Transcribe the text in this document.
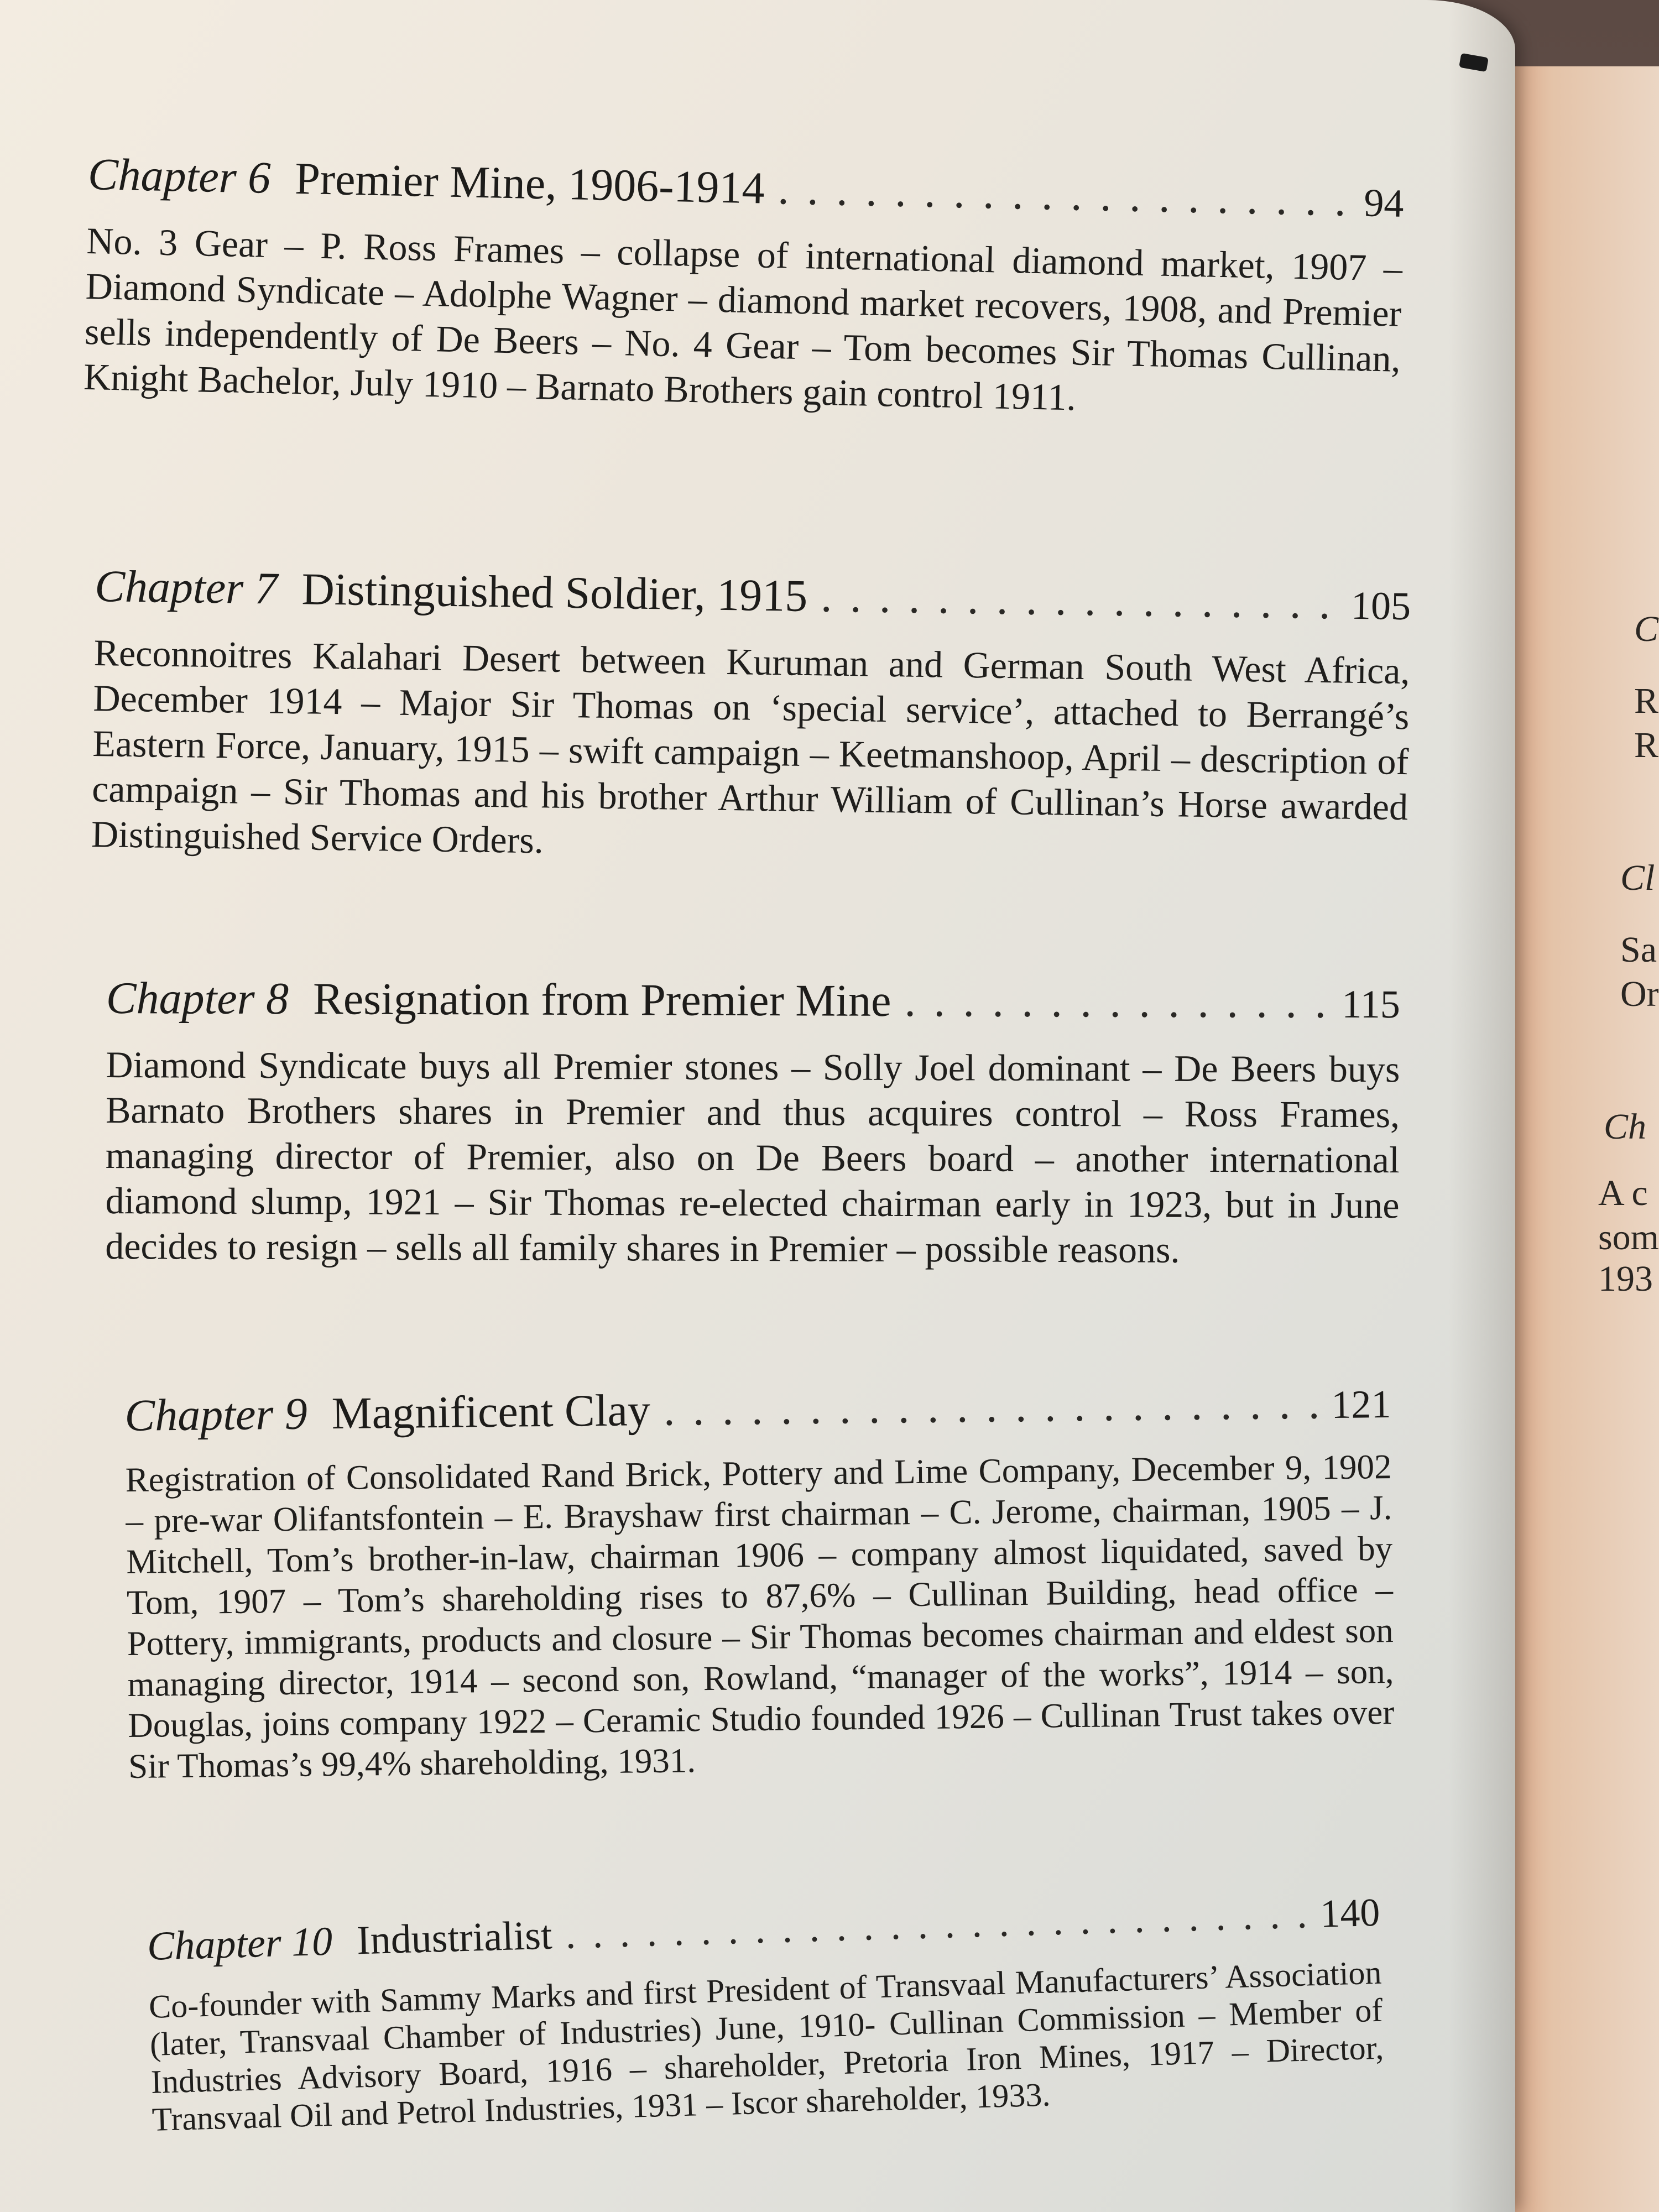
C
R
R
Cl
Sa
Or
Ch
A c
som
193
Chapter 6 Premier Mine, 1906-1914 . . .	94

No. 3 Gear – P. Ross Frames – collapse of international diamond market, 1907 – Diamond Syndicate – Adolphe Wagner – diamond market recovers, 1908, and Premier sells independently of De Beers – No. 4 Gear – Tom becomes Sir Thomas Cullinan, Knight Bachelor, July 1910 – Barnato Brothers gain control 1911.

Chapter 7 Distinguished Soldier, 1915 . . .	105

Reconnoitres Kalahari Desert between Kuruman and German South West Africa, December 1914 – Major Sir Thomas on ‘special service’, attached to Berrangé’s Eastern Force, January, 1915 – swift campaign – Keetmanshoop, April – description of campaign – Sir Thomas and his brother Arthur William of Cullinan’s Horse awarded Distinguished Service Orders.

Chapter 8 Resignation from Premier Mine . . .	115

Diamond Syndicate buys all Premier stones – Solly Joel dominant – De Beers buys Barnato Brothers shares in Premier and thus acquires control – Ross Frames, managing director of Premier, also on De Beers board – another international diamond slump, 1921 – Sir Thomas re-elected chairman early in 1923, but in June decides to resign – sells all family shares in Premier – possible reasons.

Chapter 9 Magnificent Clay . . .	121

Registration of Consolidated Rand Brick, Pottery and Lime Company, December 9, 1902 – pre-war Olifantsfontein – E. Brayshaw first chairman – C. Jerome, chairman, 1905 – J. Mitchell, Tom’s brother-in-law, chairman 1906 – company almost liquidated, saved by Tom, 1907 – Tom’s shareholding rises to 87,6% – Cullinan Building, head office – Pottery, immigrants, products and closure – Sir Thomas becomes chairman and eldest son managing director, 1914 – second son, Rowland, “manager of the works”, 1914 – son, Douglas, joins company 1922 – Ceramic Studio founded 1926 – Cullinan Trust takes over Sir Thomas’s 99,4% shareholding, 1931.

Chapter 10 Industrialist . . .	140

Co-founder with Sammy Marks and first President of Transvaal Manufacturers’ Association (later, Transvaal Chamber of Industries) June, 1910- Cullinan Commission – Member of Industries Advisory Board, 1916 – shareholder, Pretoria Iron Mines, 1917 – Director, Transvaal Oil and Petrol Industries, 1931 – Iscor shareholder, 1933.
